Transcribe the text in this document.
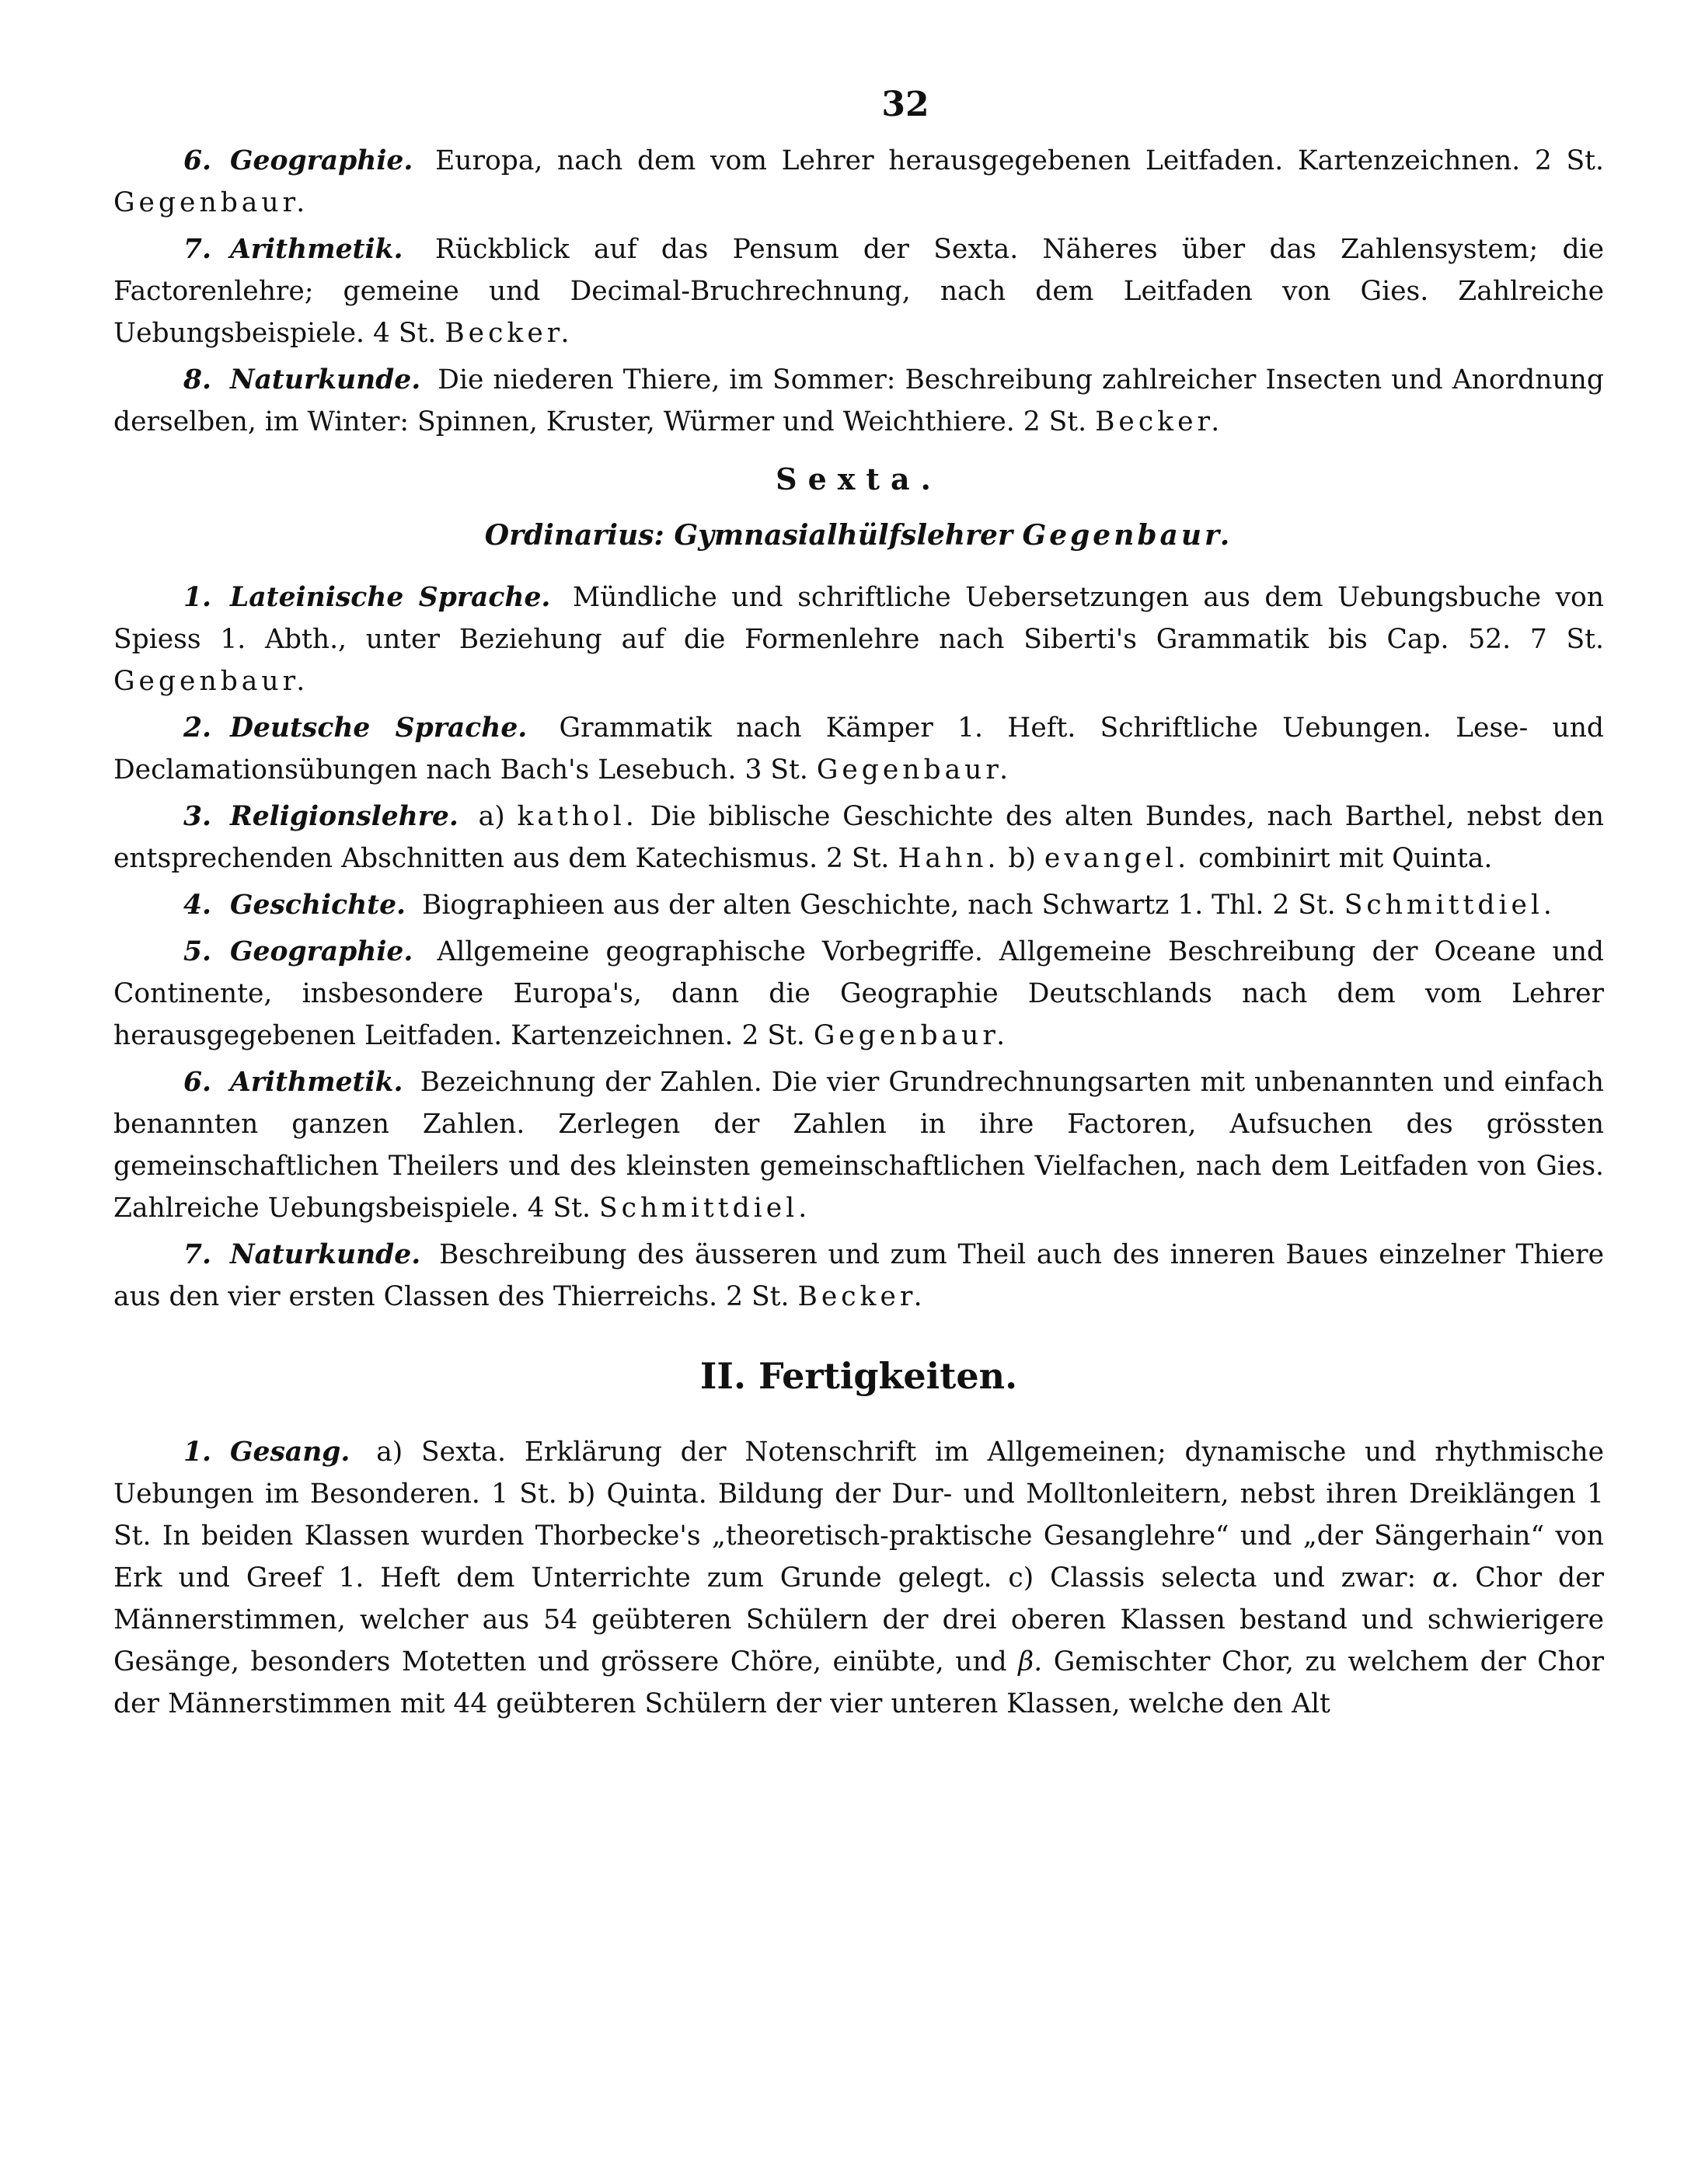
32

6. Geographie. Europa, nach dem vom Lehrer herausgegebenen Leitfaden. Kartenzeichnen. 2 St. Gegenbaur.

7. Arithmetik. Rückblick auf das Pensum der Sexta. Näheres über das Zahlensystem; die Factorenlehre; gemeine und Decimal-Bruchrechnung, nach dem Leitfaden von Gies. Zahlreiche Uebungsbeispiele. 4 St. Becker.

8. Naturkunde. Die niederen Thiere, im Sommer: Beschreibung zahlreicher Insecten und Anordnung derselben, im Winter: Spinnen, Kruster, Würmer und Weichthiere. 2 St. Becker.

Sexta.
Ordinarius: Gymnasialhülfslehrer Gegenbaur.

1. Lateinische Sprache. Mündliche und schriftliche Uebersetzungen aus dem Uebungsbuche von Spiess 1. Abth., unter Beziehung auf die Formenlehre nach Siberti's Grammatik bis Cap. 52. 7 St. Gegenbaur.

2. Deutsche Sprache. Grammatik nach Kämper 1. Heft. Schriftliche Uebungen. Lese- und Declamationsübungen nach Bach's Lesebuch. 3 St. Gegenbaur.

3. Religionslehre. a) kathol. Die biblische Geschichte des alten Bundes, nach Barthel, nebst den entsprechenden Abschnitten aus dem Katechismus. 2 St. Hahn. b) evangel. combinirt mit Quinta.

4. Geschichte. Biographieen aus der alten Geschichte, nach Schwartz 1. Thl. 2 St. Schmittdiel.

5. Geographie. Allgemeine geographische Vorbegriffe. Allgemeine Beschreibung der Oceane und Continente, insbesondere Europa's, dann die Geographie Deutschlands nach dem vom Lehrer herausgegebenen Leitfaden. Kartenzeichnen. 2 St. Gegenbaur.

6. Arithmetik. Bezeichnung der Zahlen. Die vier Grundrechnungsarten mit unbenannten und einfach benannten ganzen Zahlen. Zerlegen der Zahlen in ihre Factoren, Aufsuchen des grössten gemeinschaftlichen Theilers und des kleinsten gemeinschaftlichen Vielfachen, nach dem Leitfaden von Gies. Zahlreiche Uebungsbeispiele. 4 St. Schmittdiel.

7. Naturkunde. Beschreibung des äusseren und zum Theil auch des inneren Baues einzelner Thiere aus den vier ersten Classen des Thierreichs. 2 St. Becker.

II. Fertigkeiten.

1. Gesang. a) Sexta. Erklärung der Notenschrift im Allgemeinen; dynamische und rhythmische Uebungen im Besonderen. 1 St. b) Quinta. Bildung der Dur- und Molltonleitern, nebst ihren Dreiklängen 1 St. In beiden Klassen wurden Thorbecke's „theoretisch-praktische Gesanglehre“ und „der Sängerhain“ von Erk und Greef 1. Heft dem Unterrichte zum Grunde gelegt. c) Classis selecta und zwar: α. Chor der Männerstimmen, welcher aus 54 geübteren Schülern der drei oberen Klassen bestand und schwierigere Gesänge, besonders Motetten und grössere Chöre, einübte, und β. Gemischter Chor, zu welchem der Chor der Männerstimmen mit 44 geübteren Schülern der vier unteren Klassen, welche den Alt
